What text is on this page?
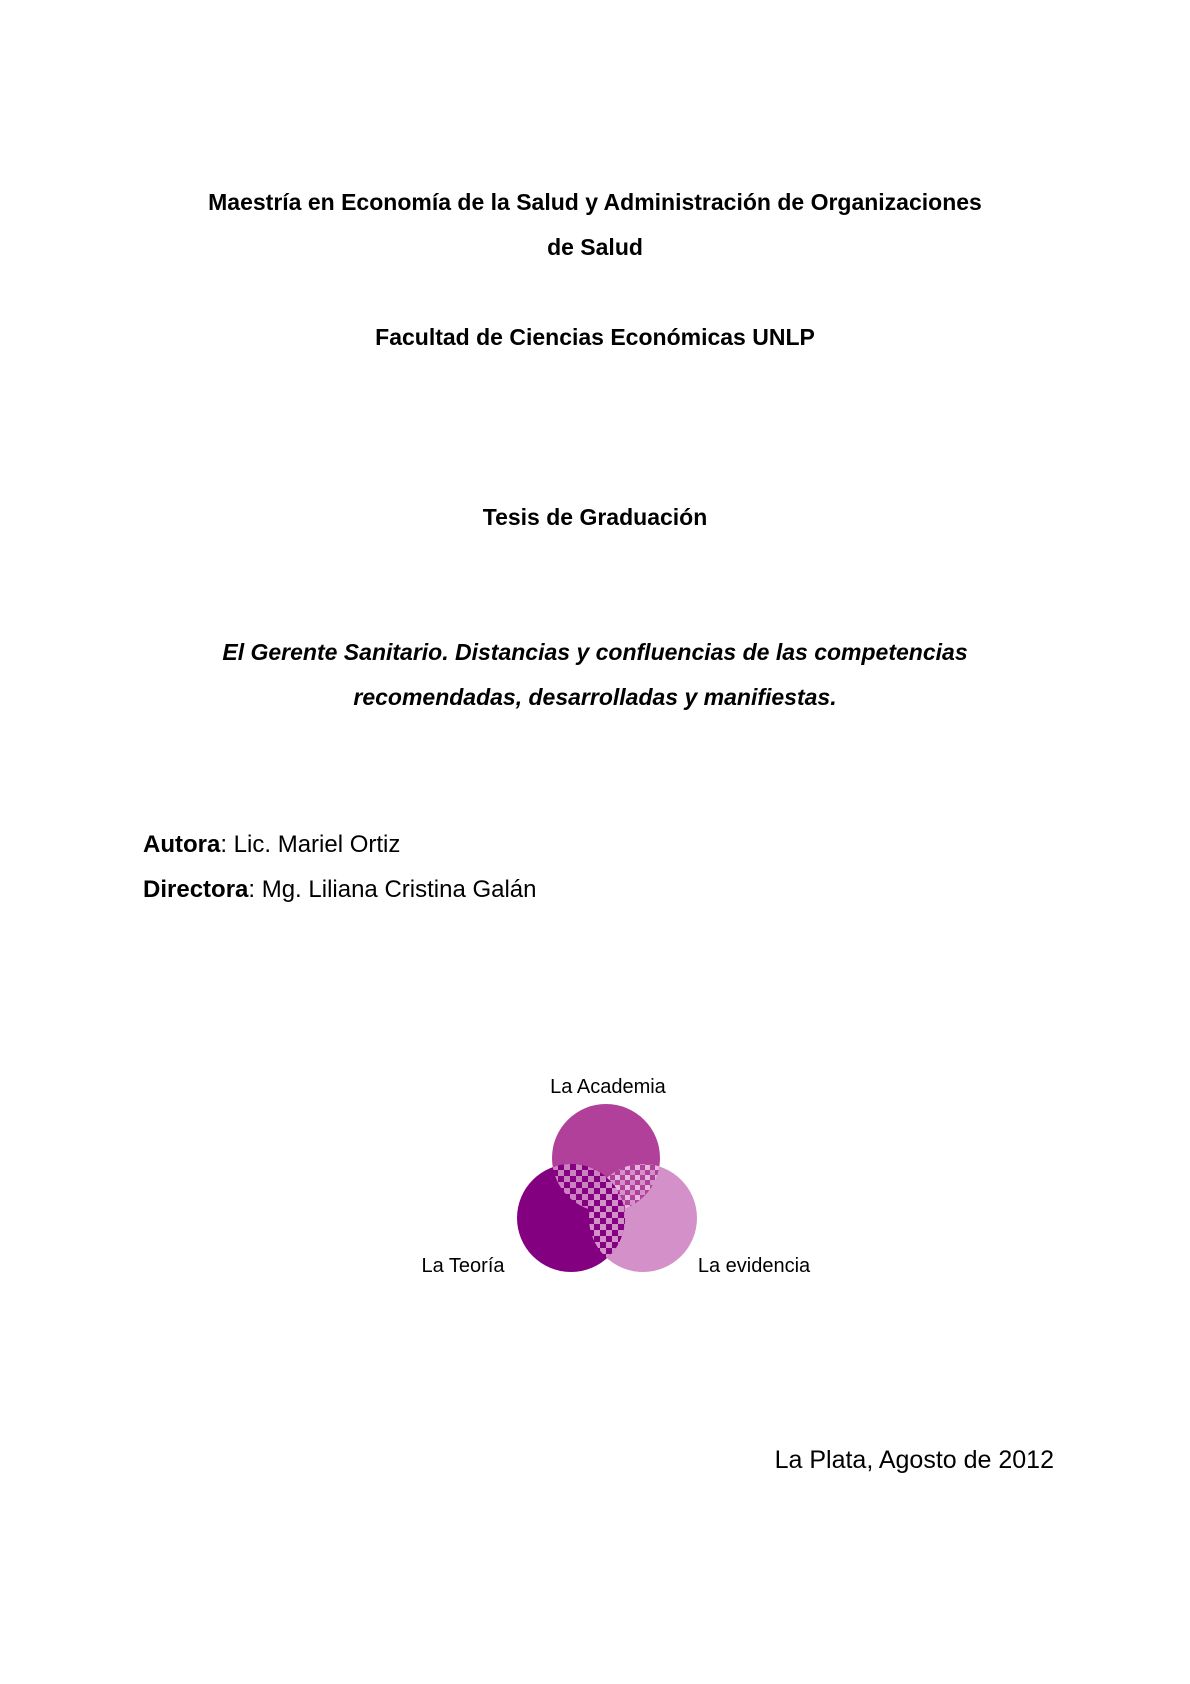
Maestría en Economía de la Salud y Administración de Organizaciones
de Salud
Facultad de Ciencias Económicas UNLP
Tesis de Graduación
El Gerente Sanitario. Distancias y confluencias de las competencias
recomendadas, desarrolladas y manifiestas.
Autora: Lic. Mariel Ortiz
Directora: Mg. Liliana Cristina Galán
La Academia
La Teoría	La evidencia
La Plata, Agosto de 2012
